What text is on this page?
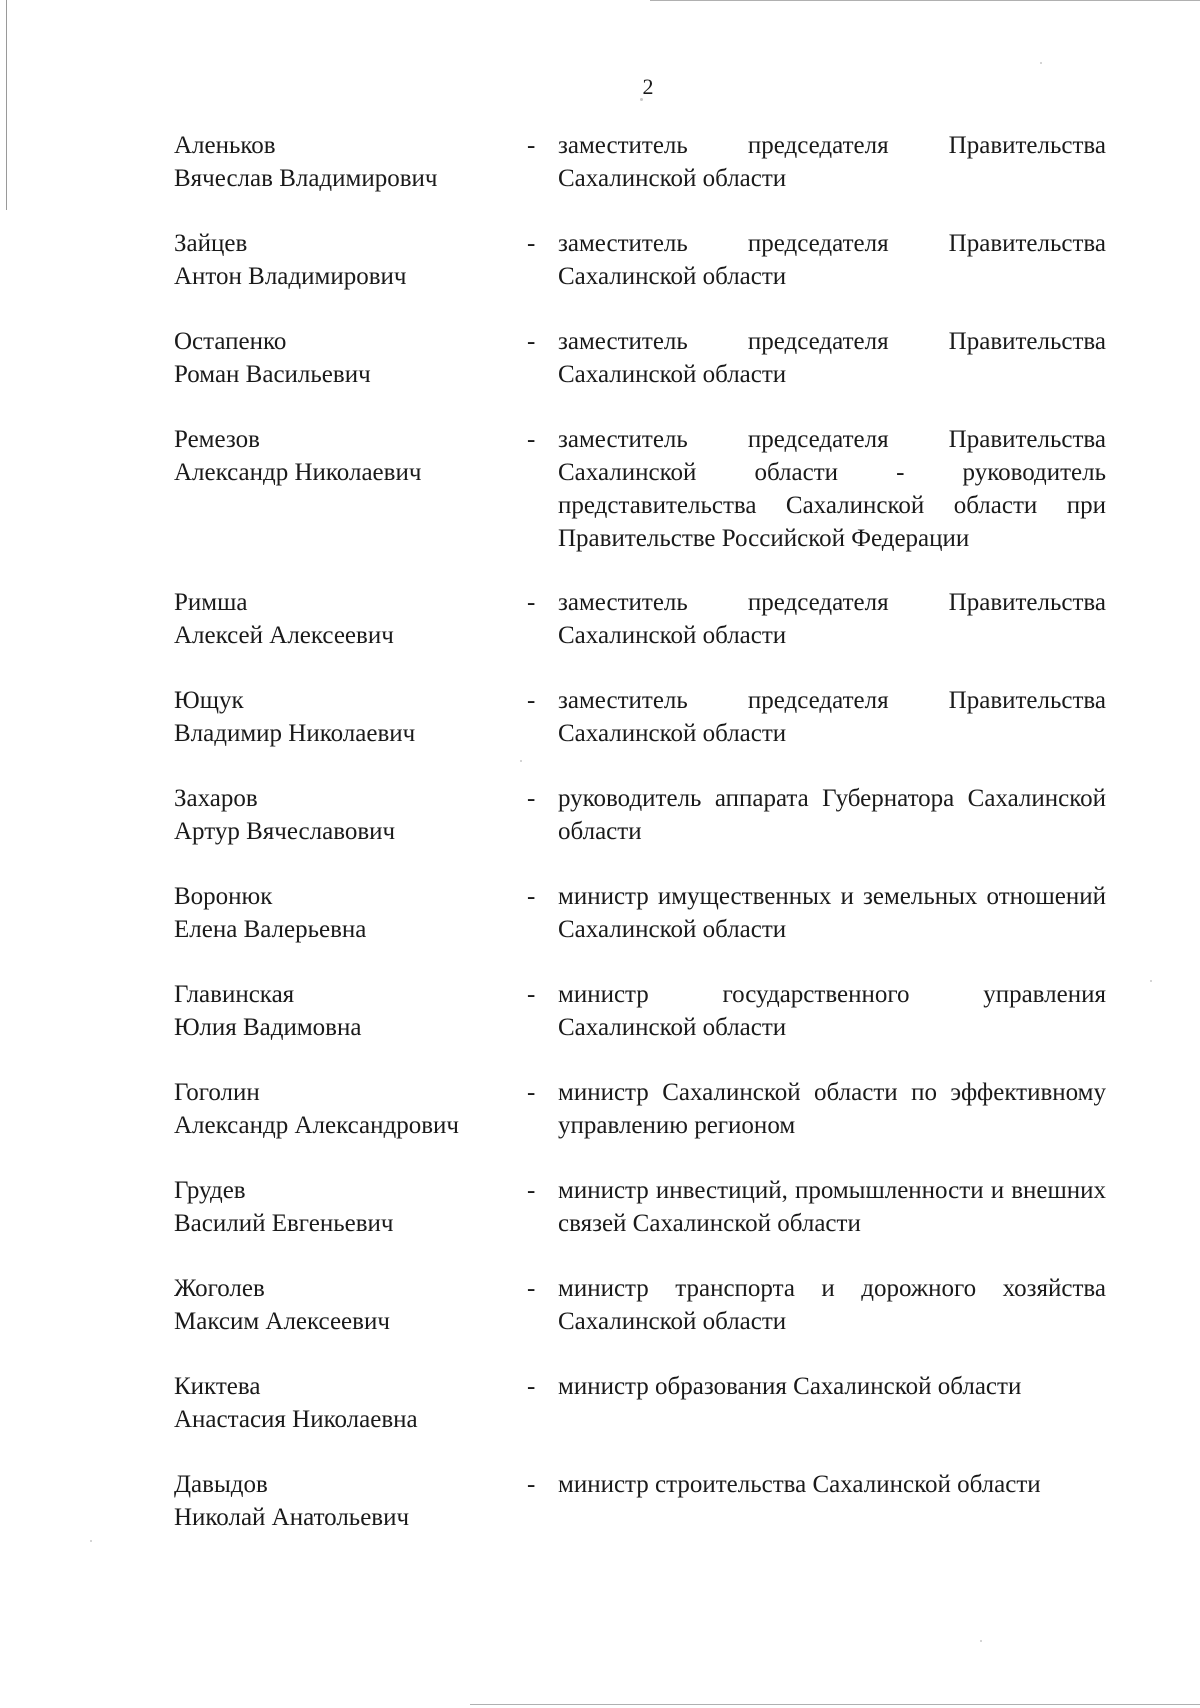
2
Аленьков
Вячеслав Владимирович
- заместитель председателя Правительства Сахалинской области
Зайцев
Антон Владимирович
- заместитель председателя Правительства Сахалинской области
Остапенко
Роман Васильевич
- заместитель председателя Правительства Сахалинской области
Ремезов
Александр Николаевич
- заместитель председателя Правительства Сахалинской области - руководитель представительства Сахалинской области при Правительстве Российской Федерации
Римша
Алексей Алексеевич
- заместитель председателя Правительства Сахалинской области
Ющук
Владимир Николаевич
- заместитель председателя Правительства Сахалинской области
Захаров
Артур Вячеславович
- руководитель аппарата Губернатора Сахалинской области
Воронюк
Елена Валерьевна
- министр имущественных и земельных отношений Сахалинской области
Главинская
Юлия Вадимовна
- министр государственного управления Сахалинской области
Гоголин
Александр Александрович
- министр Сахалинской области по эффективному управлению регионом
Грудев
Василий Евгеньевич
- министр инвестиций, промышленности и внешних связей Сахалинской области
Жоголев
Максим Алексеевич
- министр транспорта и дорожного хозяйства Сахалинской области
Киктева
Анастасия Николаевна
- министр образования Сахалинской области
Давыдов
Николай Анатольевич
- министр строительства Сахалинской области
